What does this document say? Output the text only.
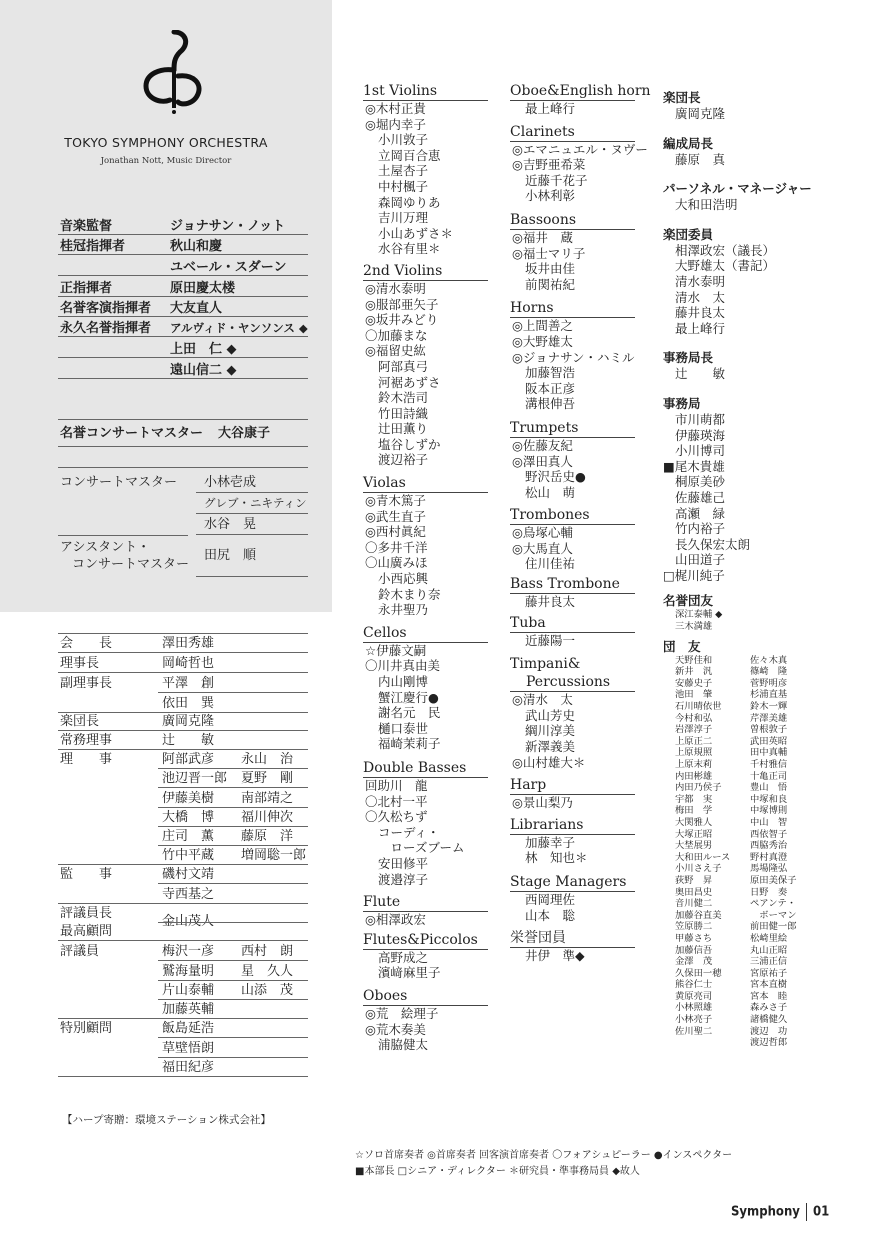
TOKYO SYMPHONY ORCHESTRA
Jonathan Nott, Music Director
音楽監督	ジョナサン・ノット
桂冠指揮者	秋山和慶
ユベール・スダーン
正指揮者	原田慶太楼
名誉客演指揮者 大友直人
永久名誉指揮者 アルヴィド・ヤンソンス ◆
上田　仁 ◆
遠山信二 ◆
名誉コンサートマスター 大谷康子
コンサートマスター 小林壱成
グレブ・ニキティン
水谷　晃
アシスタント・
コンサートマスター
田尻　順
会　　長	澤田秀雄
理事長	岡崎哲也
副理事長	平澤　創
依田　巽
楽団長	廣岡克隆
常務理事	辻　　敏
理　　事	阿部武彦 永山　治
池辺晋一郎 夏野　剛
伊藤美樹 南部靖之
大橋　博 福川伸次
庄司　薫 藤原　洋
竹中平蔵 増岡聡一郎
監　　事	磯村文靖
寺西基之
評議員長
金山茂人
最高顧問
評議員	梅沢一彦 西村　朗
鷲海量明 星　久人
片山泰輔 山添　茂
加藤英輔
特別顧問	飯島延浩
草壁悟朗
福田紀彦
1st Violins
◎木村正貴
◎堀内幸子
小川敦子
立岡百合恵
土屋杏子
中村楓子
森岡ゆりあ
吉川万理
小山あずさ＊
水谷有里＊
2nd Violins
◎清水泰明
◎服部亜矢子
◎坂井みどり
〇加藤まな
◎福留史紘
阿部真弓
河裾あずさ
鈴木浩司
竹田詩織
辻田薫り
塩谷しずか
渡辺裕子
Violas
◎青木篤子
◎武生直子
◎西村眞紀
〇多井千洋
〇山廣みほ
小西応興
鈴木まり奈
永井聖乃
Cellos
☆伊藤文嗣
〇川井真由美
内山剛博
蟹江慶行●
謝名元　民
樋口泰世
福崎茉莉子
Double Basses
回助川　龍
〇北村一平
〇久松ちず
コーディ・
　ローズブーム
安田修平
渡邉淳子
Flute
◎相澤政宏
Flutes&Piccolos
高野成之
濱﨑麻里子
Oboes
◎荒　絵理子
◎荒木奏美
浦脇健太
Oboe&English horn
最上峰行
Clarinets
◎エマニュエル・ヌヴー
◎吉野亜希菜
近藤千花子
小林利彰
Bassoons
◎福井　蔵
◎福士マリ子
坂井由佳
前関祐紀
Horns
◎上間善之
◎大野雄太
◎ジョナサン・ハミル
加藤智浩
阪本正彦
溝根伸吾
Trumpets
◎佐藤友紀
◎澤田真人
野沢岳史●
松山　萌
Trombones
◎鳥塚心輔
◎大馬直人
住川佳祐
Bass Trombone
藤井良太
Tuba
近藤陽一
Timpani&
Percussions
◎清水　太
武山芳史
綱川淳美
新澤義美
◎山村雄大＊
Harp
◎景山梨乃
Librarians
加藤幸子
林　知也＊
Stage Managers
西岡理佐
山本　聡
栄誉団員
井伊　準◆
楽団長
廣岡克隆
編成局長
藤原　真
パーソネル・マネージャー
大和田浩明
楽団委員
相澤政宏（議長）
大野雄太（書記）
清水泰明
清水　太
藤井良太
最上峰行
事務局長
辻　　敏
事務局
市川萌都
伊藤瑛海
小川博司
■尾木貴雄
桐原美砂
佐藤雄己
高瀬　緑
竹内裕子
長久保宏太朗
山田道子
□梶川純子
名誉団友
深江泰輔 ◆
三木満雄
団　友
天野佳和
新井　汎
安藤史子
池田　肇
石川晴依世
今村和弘
岩澤淳子
上原正二
上原規照
上原末莉
内田彬雄
内田乃侯子
宇都　実
梅田　学
大関雅人
大塚正昭
大埜展男
大和田ルース
小川さえ子
荻野　昇
奥田昌史
音川健二
加藤谷直美
笠原勝二
甲藤さち
加藤信吾
金澤　茂
久保田一穂
熊谷仁士
黄原亮司
小林照雄
小林亮子
佐川聖二
佐々木真
篠崎　隆
菅野明彦
杉浦直基
鈴木一輝
芹澤美雄
曽根敦子
武田英昭
田中真輔
千村雅信
十亀正司
豊山　悟
中塚和良
中塚博則
中山　智
西依智子
西脇秀治
野村真澄
馬場隆弘
原田美保子
日野　奏
ペアンテ・
　ボーマン
前田健一郎
松崎里絵
丸山正昭
三浦正信
宮原祐子
宮本直樹
宮本　睦
森みさ子
諸橋健久
渡辺　功
渡辺哲郎
【ハープ寄贈：環境ステーション株式会社】
☆ソロ首席奏者 ◎首席奏者 回客演首席奏者 〇フォアシュピーラー ●インスペクター
■本部長 □シニア・ディレクター ＊研究員・準事務局員 ◆故人
Symphony 01
